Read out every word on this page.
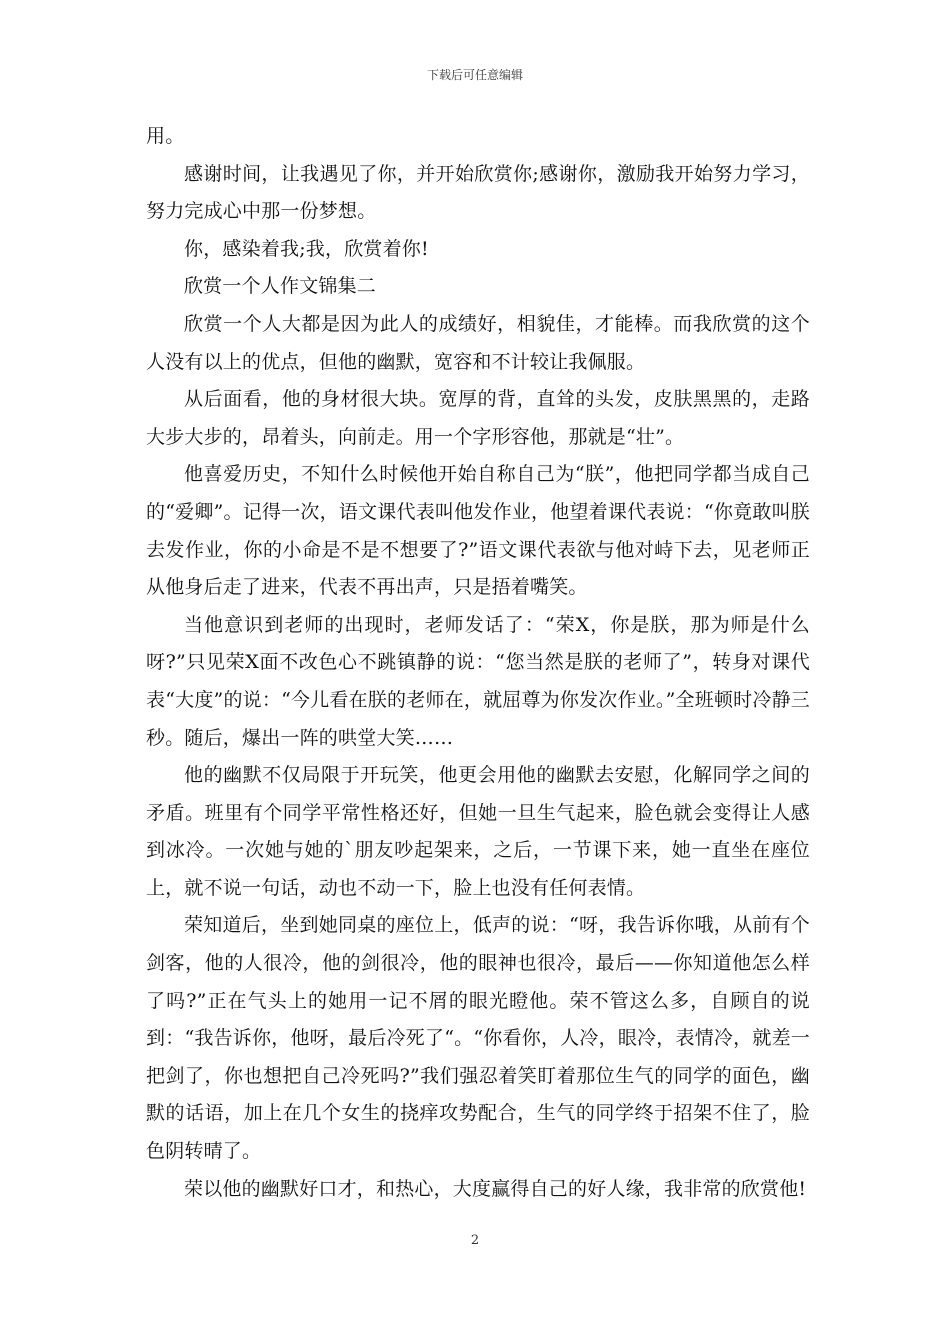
下载后可任意编辑

用。

感谢时间，让我遇见了你，并开始欣赏你;感谢你，激励我开始努力学习，努力完成心中那一份梦想。

你，感染着我;我，欣赏着你!

欣赏一个人作文锦集二

欣赏一个人大都是因为此人的成绩好，相貌佳，才能棒。而我欣赏的这个人没有以上的优点，但他的幽默，宽容和不计较让我佩服。

从后面看，他的身材很大块。宽厚的背，直耸的头发，皮肤黑黑的，走路大步大步的，昂着头，向前走。用一个字形容他，那就是“壮”。

他喜爱历史，不知什么时候他开始自称自己为“朕”，他把同学都当成自己的“爱卿”。记得一次，语文课代表叫他发作业，他望着课代表说：“你竟敢叫朕去发作业，你的小命是不是不想要了?”语文课代表欲与他对峙下去，见老师正从他身后走了进来，代表不再出声，只是捂着嘴笑。

当他意识到老师的出现时，老师发话了：“荣X，你是朕，那为师是什么呀?”只见荣X面不改色心不跳镇静的说：“您当然是朕的老师了”，转身对课代表“大度”的说：“今儿看在朕的老师在，就屈尊为你发次作业。”全班顿时冷静三秒。随后，爆出一阵的哄堂大笑……

他的幽默不仅局限于开玩笑，他更会用他的幽默去安慰，化解同学之间的矛盾。班里有个同学平常性格还好，但她一旦生气起来，脸色就会变得让人感到冰冷。一次她与她的`朋友吵起架来，之后，一节课下来，她一直坐在座位上，就不说一句话，动也不动一下，脸上也没有任何表情。

荣知道后，坐到她同桌的座位上，低声的说：“呀，我告诉你哦，从前有个剑客，他的人很冷，他的剑很冷，他的眼神也很冷，最后——你知道他怎么样了吗?”正在气头上的她用一记不屑的眼光瞪他。荣不管这么多，自顾自的说到：“我告诉你，他呀，最后冷死了“。“你看你，人冷，眼冷，表情冷，就差一把剑了，你也想把自己冷死吗?”我们强忍着笑盯着那位生气的同学的面色，幽默的话语，加上在几个女生的挠痒攻势配合，生气的同学终于招架不住了，脸色阴转晴了。

荣以他的幽默好口才，和热心，大度赢得自己的好人缘，我非常的欣赏他!

2
